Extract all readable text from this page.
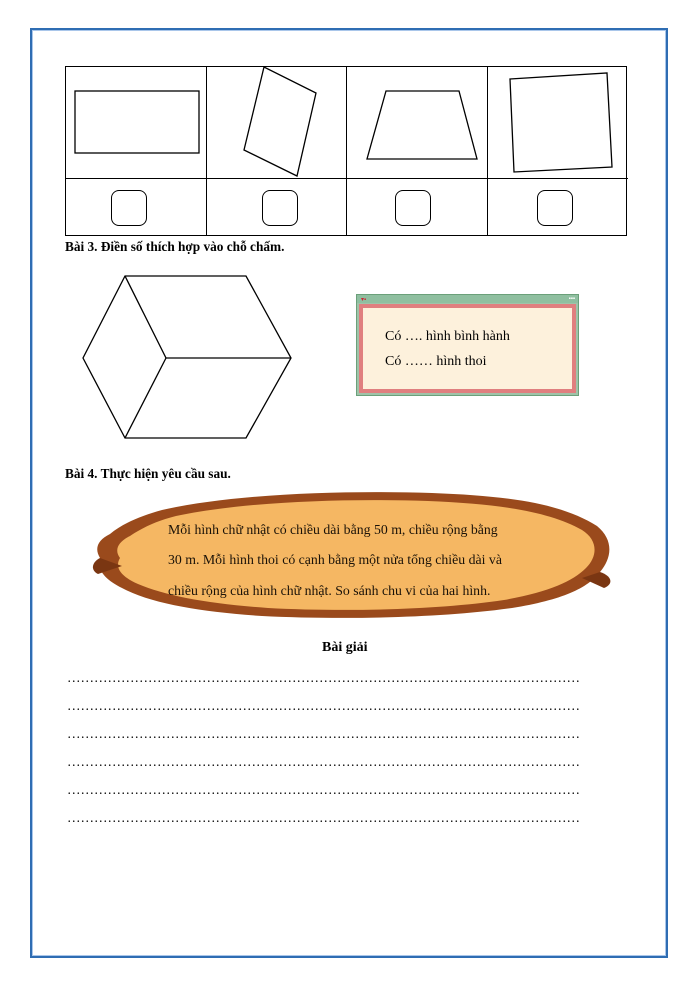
Bài 3. Điền số thích hợp vào chỗ chấm.
▾▪	▪▪▪
Có …. hình bình hành
Có …… hình thoi
Bài 4. Thực hiện yêu cầu sau.
Mỗi hình chữ nhật có chiều dài bằng 50 m, chiều rộng bằng
30 m. Mỗi hình thoi có cạnh bằng một nửa tổng chiều dài và
chiều rộng của hình chữ nhật. So sánh chu vi của hai hình.
Bài giải
……………………………………………………………………………………………………
……………………………………………………………………………………………………
……………………………………………………………………………………………………
……………………………………………………………………………………………………
……………………………………………………………………………………………………
……………………………………………………………………………………………………
